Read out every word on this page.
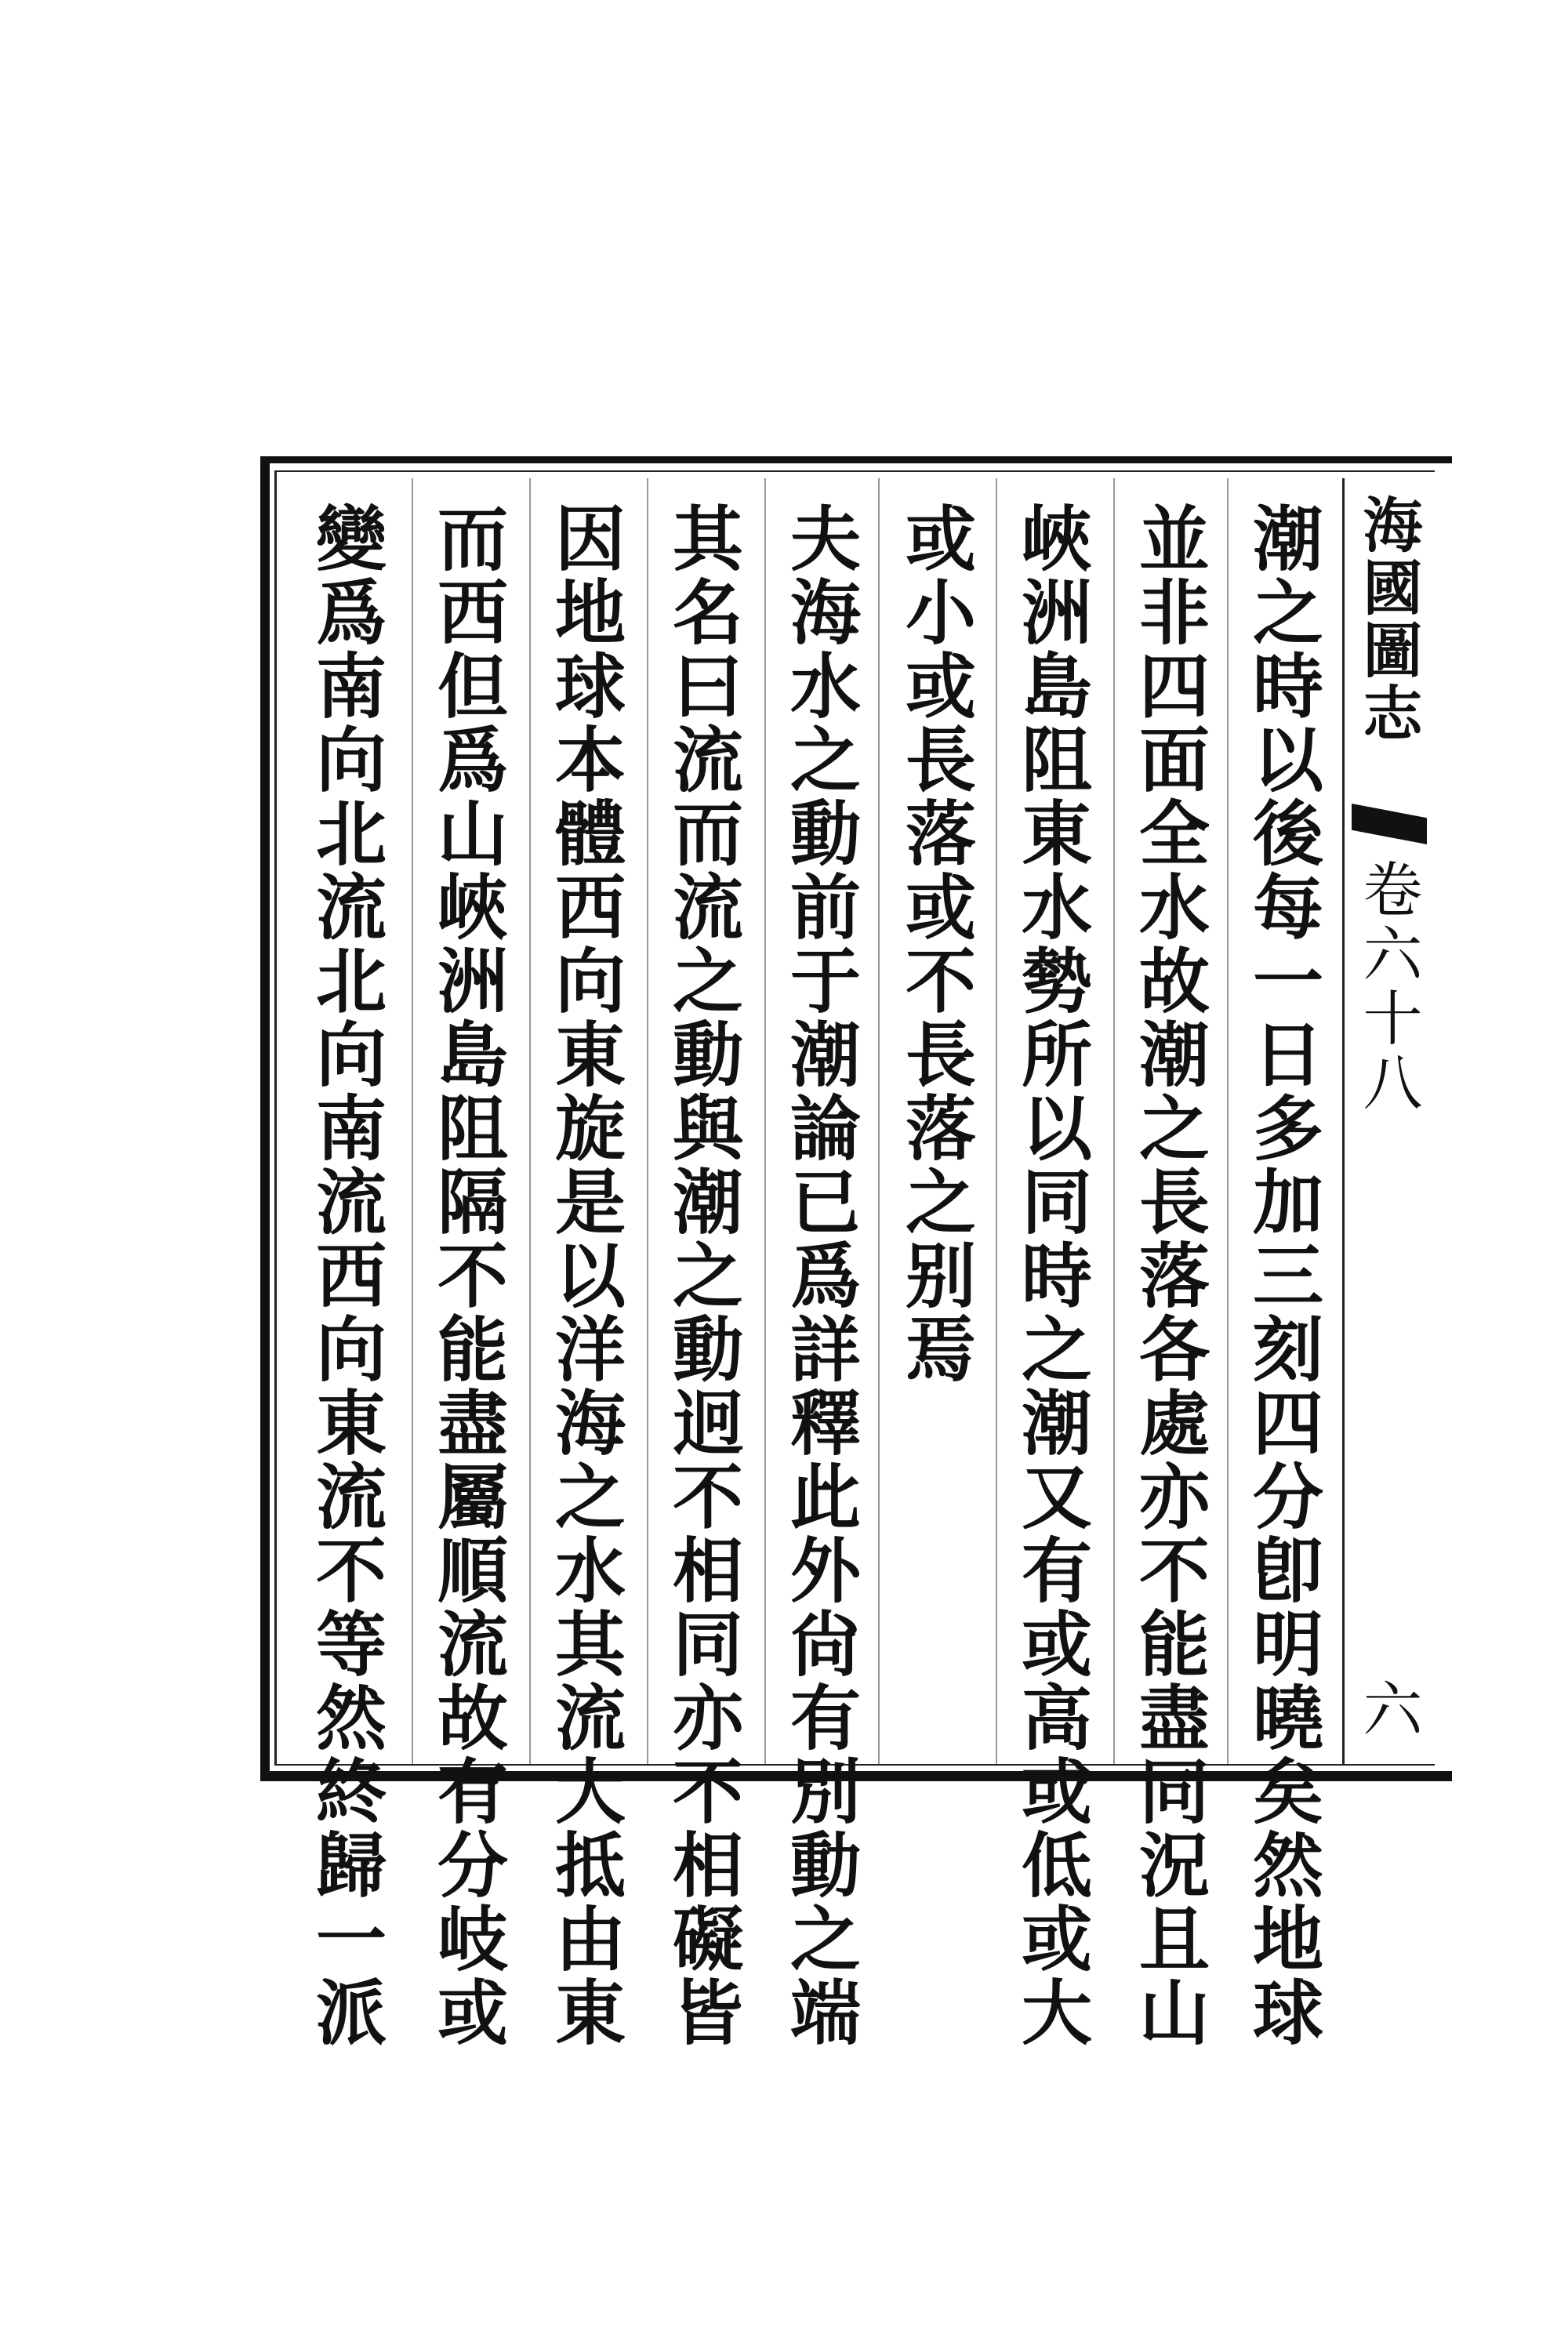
海國圖志
卷六十八
六
潮之時以後每一日多加三刻四分卽明曉矣然地球
並非四面全水故潮之長落各處亦不能盡同況且山
峽洲島阻東水勢所以同時之潮又有或高或低或大
或小或長落或不長落之别焉
夫海水之動前于潮論已爲詳釋此外尙有別動之端
其名曰流而流之動與潮之動迥不相同亦不相礙皆
因地球本體西向東旋是以洋海之水其流大抵由東
而西但爲山峽洲島阻隔不能盡屬順流故有分岐或
變爲南向北流北向南流西向東流不等然終歸一派
